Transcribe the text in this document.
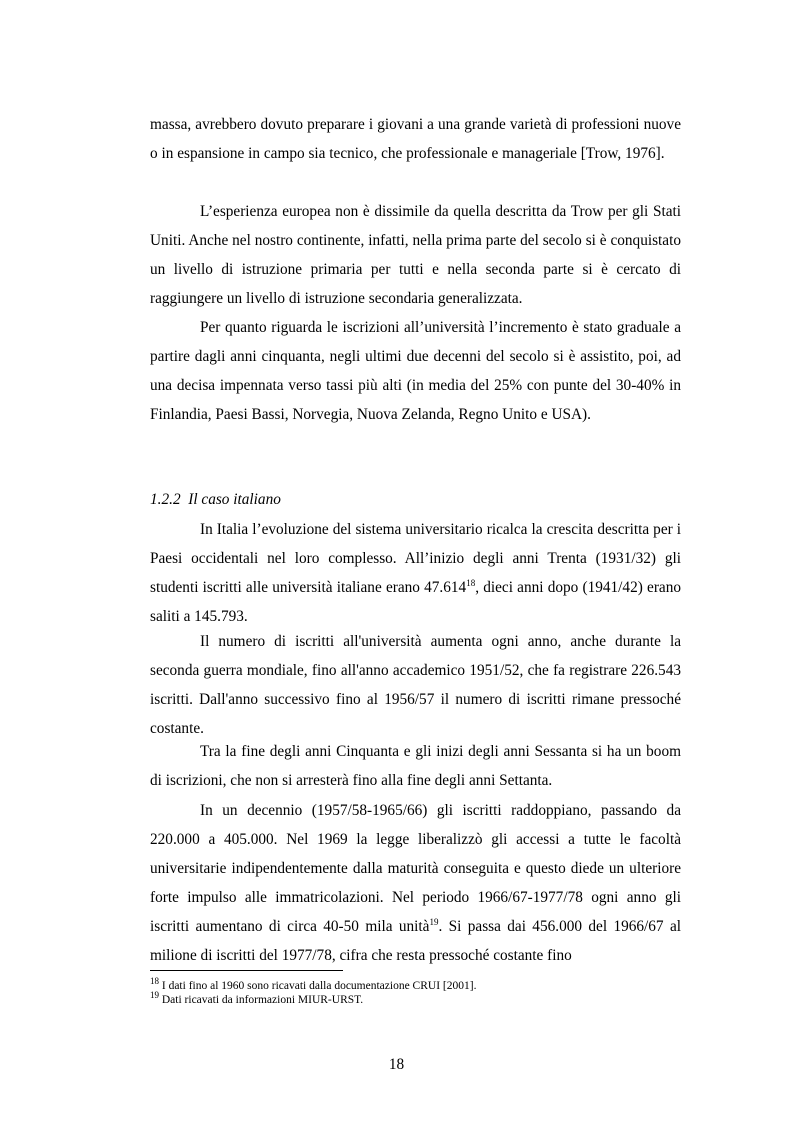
massa, avrebbero dovuto preparare i giovani a una grande varietà di professioni nuove o in espansione in campo sia tecnico, che professionale e manageriale [Trow, 1976].

L’esperienza europea non è dissimile da quella descritta da Trow per gli Stati Uniti. Anche nel nostro continente, infatti, nella prima parte del secolo si è conquistato un livello di istruzione primaria per tutti e nella seconda parte si è cercato di raggiungere un livello di istruzione secondaria generalizzata.

Per quanto riguarda le iscrizioni all’università l’incremento è stato graduale a partire dagli anni cinquanta, negli ultimi due decenni del secolo si è assistito, poi, ad una decisa impennata verso tassi più alti (in media del 25% con punte del 30-40% in Finlandia, Paesi Bassi, Norvegia, Nuova Zelanda, Regno Unito e USA).

1.2.2 Il caso italiano

In Italia l’evoluzione del sistema universitario ricalca la crescita descritta per i Paesi occidentali nel loro complesso. All’inizio degli anni Trenta (1931/32) gli studenti iscritti alle università italiane erano 47.614$^{18}$, dieci anni dopo (1941/42) erano saliti a 145.793.

Il numero di iscritti all'università aumenta ogni anno, anche durante la seconda guerra mondiale, fino all'anno accademico 1951/52, che fa registrare 226.543 iscritti. Dall'anno successivo fino al 1956/57 il numero di iscritti rimane pressoché costante.

Tra la fine degli anni Cinquanta e gli inizi degli anni Sessanta si ha un boom di iscrizioni, che non si arresterà fino alla fine degli anni Settanta.

In un decennio (1957/58-1965/66) gli iscritti raddoppiano, passando da 220.000 a 405.000. Nel 1969 la legge liberalizzò gli accessi a tutte le facoltà universitarie indipendentemente dalla maturità conseguita e questo diede un ulteriore forte impulso alle immatricolazioni. Nel periodo 1966/67-1977/78 ogni anno gli iscritti aumentano di circa 40-50 mila unità$^{19}$. Si passa dai 456.000 del 1966/67 al milione di iscritti del 1977/78, cifra che resta pressoché costante fino

$^{18}$ I dati fino al 1960 sono ricavati dalla documentazione CRUI [2001].

$^{19}$ Dati ricavati da informazioni MIUR-URST.

18
